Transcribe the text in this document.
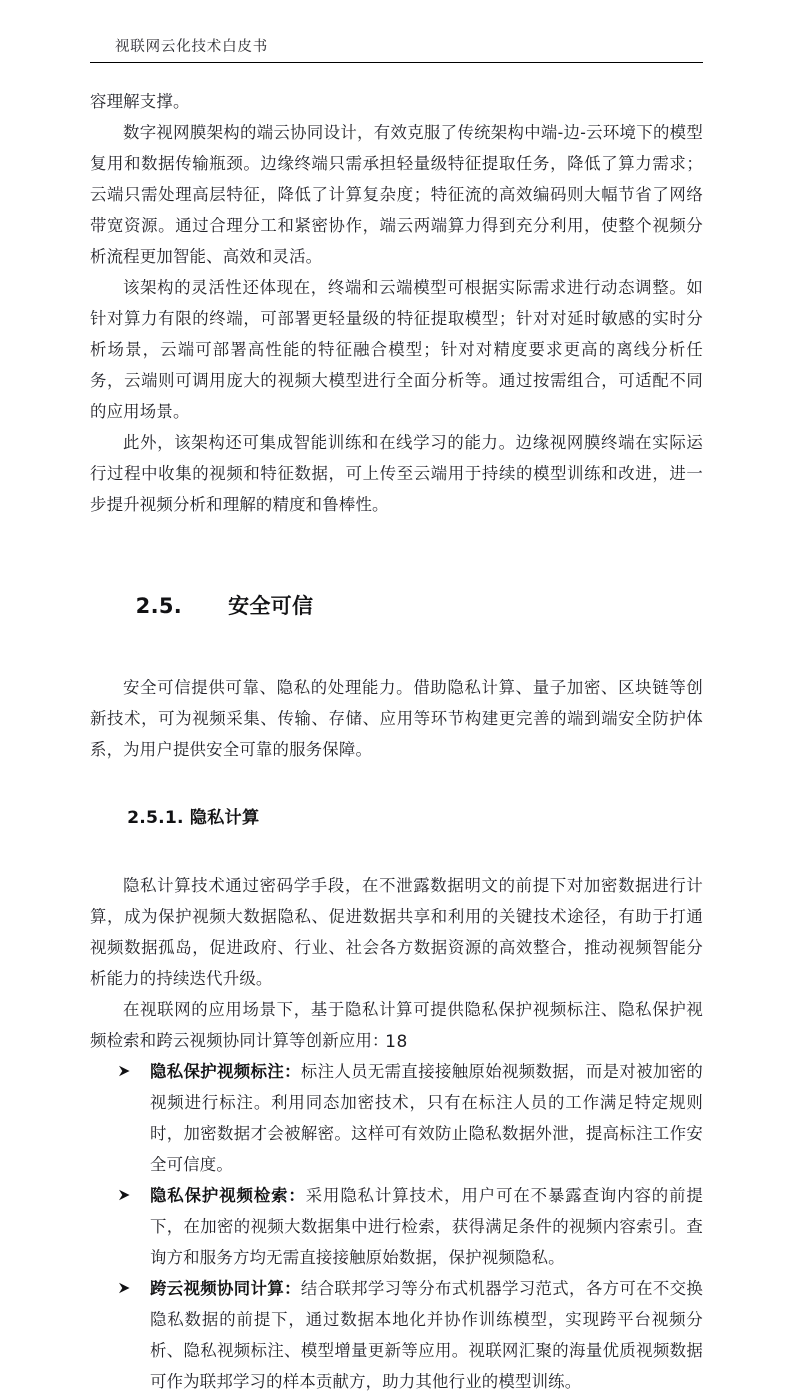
视联网云化技术白皮书

容理解支撑。

数字视网膜架构的端云协同设计，有效克服了传统架构中端-边-云环境下的模型复用和数据传输瓶颈。边缘终端只需承担轻量级特征提取任务，降低了算力需求；云端只需处理高层特征，降低了计算复杂度；特征流的高效编码则大幅节省了网络带宽资源。通过合理分工和紧密协作，端云两端算力得到充分利用，使整个视频分析流程更加智能、高效和灵活。

该架构的灵活性还体现在，终端和云端模型可根据实际需求进行动态调整。如针对算力有限的终端，可部署更轻量级的特征提取模型；针对对延时敏感的实时分析场景，云端可部署高性能的特征融合模型；针对对精度要求更高的离线分析任务，云端则可调用庞大的视频大模型进行全面分析等。通过按需组合，可适配不同的应用场景。

此外，该架构还可集成智能训练和在线学习的能力。边缘视网膜终端在实际运行过程中收集的视频和特征数据，可上传至云端用于持续的模型训练和改进，进一步提升视频分析和理解的精度和鲁棒性。

2.5. 安全可信

安全可信提供可靠、隐私的处理能力。借助隐私计算、量子加密、区块链等创新技术，可为视频采集、传输、存储、应用等环节构建更完善的端到端安全防护体系，为用户提供安全可靠的服务保障。

2.5.1. 隐私计算

隐私计算技术通过密码学手段，在不泄露数据明文的前提下对加密数据进行计算，成为保护视频大数据隐私、促进数据共享和利用的关键技术途径，有助于打通视频数据孤岛，促进政府、行业、社会各方数据资源的高效整合，推动视频智能分析能力的持续迭代升级。

在视联网的应用场景下，基于隐私计算可提供隐私保护视频标注、隐私保护视频检索和跨云视频协同计算等创新应用：

隐私保护视频标注：标注人员无需直接接触原始视频数据，而是对被加密的视频进行标注。利用同态加密技术，只有在标注人员的工作满足特定规则时，加密数据才会被解密。这样可有效防止隐私数据外泄，提高标注工作安全可信度。
隐私保护视频检索：采用隐私计算技术，用户可在不暴露查询内容的前提下，在加密的视频大数据集中进行检索，获得满足条件的视频内容索引。查询方和服务方均无需直接接触原始数据，保护视频隐私。
跨云视频协同计算：结合联邦学习等分布式机器学习范式，各方可在不交换隐私数据的前提下，通过数据本地化并协作训练模型，实现跨平台视频分析、隐私视频标注、模型增量更新等应用。视联网汇聚的海量优质视频数据可作为联邦学习的样本贡献方，助力其他行业的模型训练。
18
